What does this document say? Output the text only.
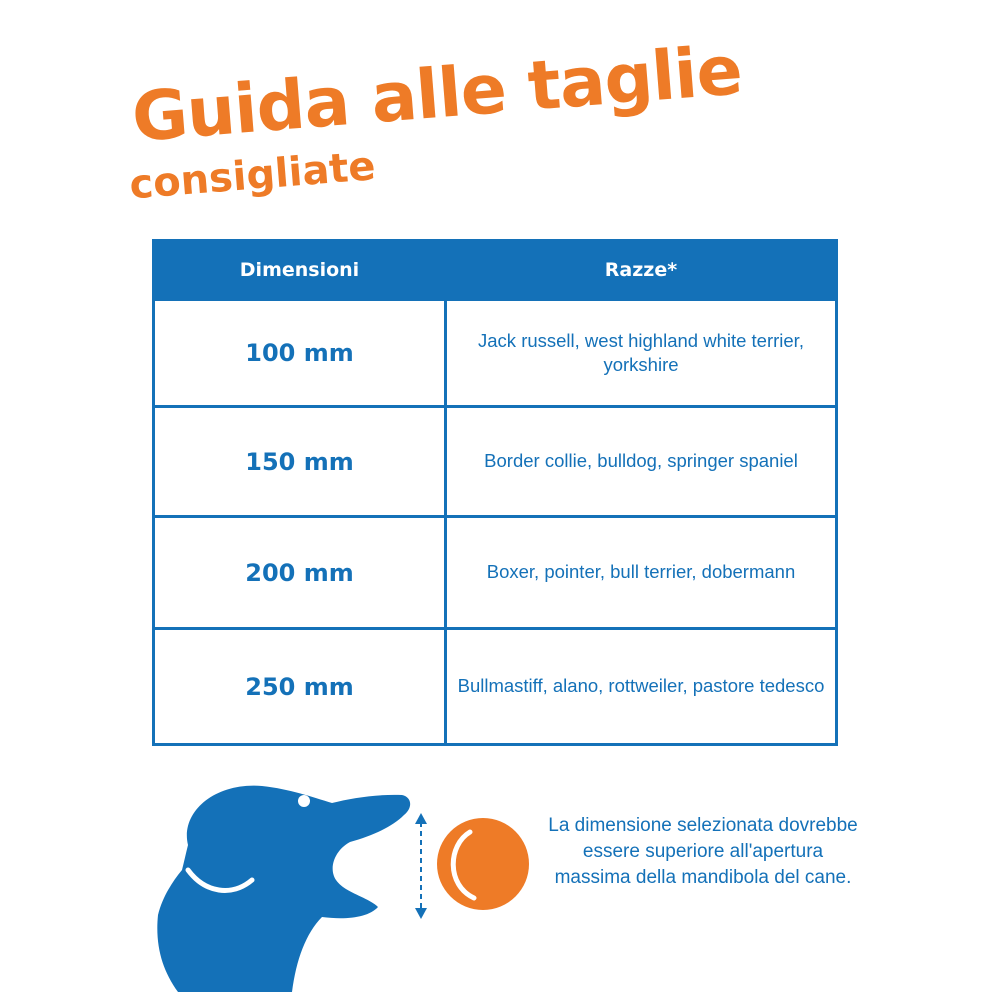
Guida alle taglie
consigliate
Dimensioni	Razze*
100 mm	Jack russell, west highland white terrier, yorkshire
150 mm	Border collie, bulldog, springer spaniel
200 mm	Boxer, pointer, bull terrier, dobermann
250 mm	Bullmastiff, alano, rottweiler, pastore tedesco
La dimensione selezionata dovrebbe essere superiore all'apertura massima della mandibola del cane.
